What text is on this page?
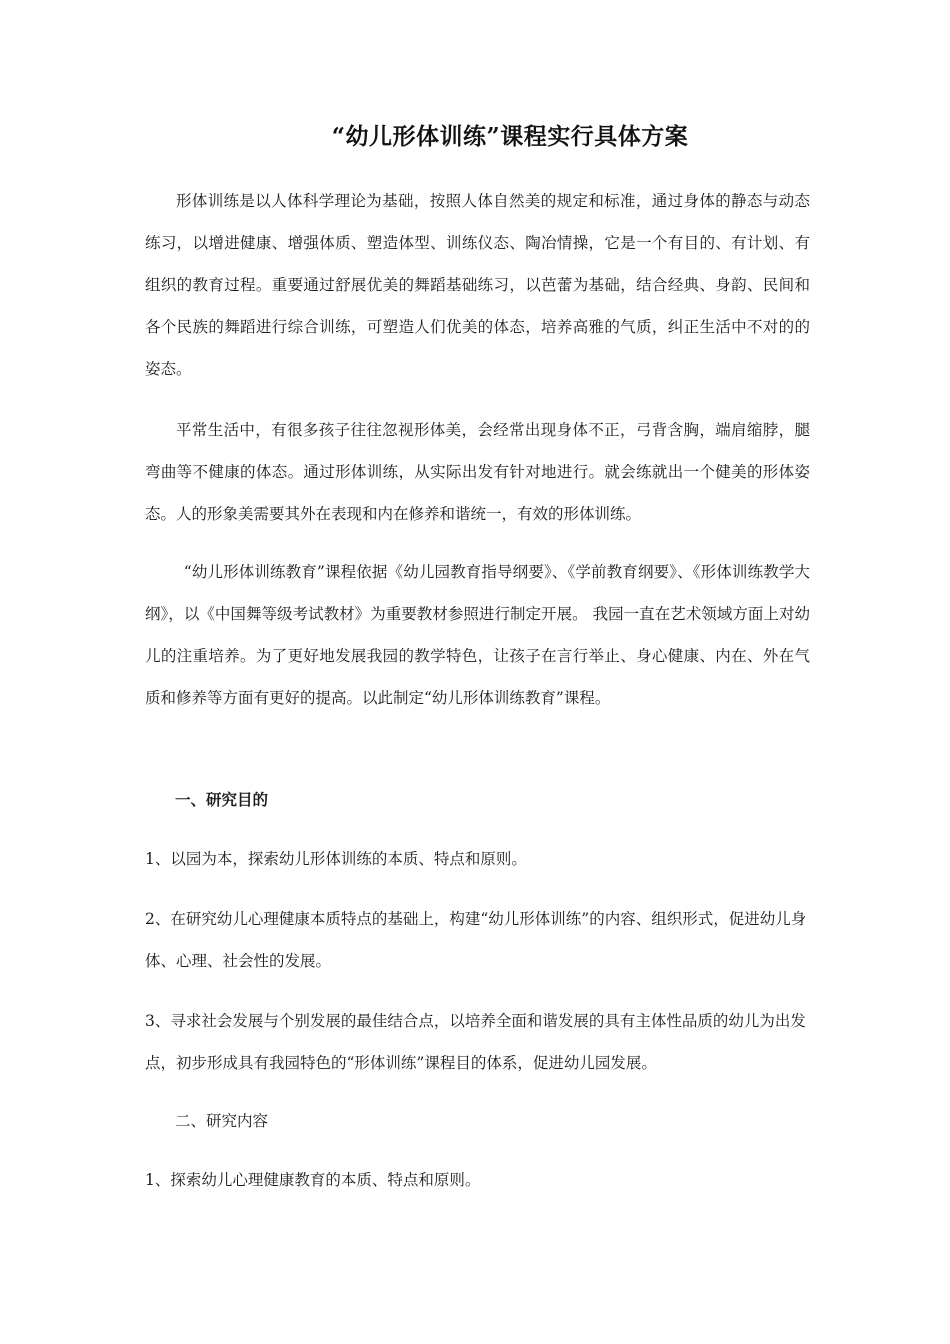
“幼儿形体训练”课程实行具体方案

形体训练是以人体科学理论为基础，按照人体自然美的规定和标准，通过身体的静态与动态练习，以增进健康、增强体质、塑造体型、训练仪态、陶冶情操，它是一个有目的、有计划、有组织的教育过程。重要通过舒展优美的舞蹈基础练习，以芭蕾为基础，结合经典、身韵、民间和各个民族的舞蹈进行综合训练，可塑造人们优美的体态，培养高雅的气质，纠正生活中不对的的姿态。

平常生活中，有很多孩子往往忽视形体美，会经常出现身体不正，弓背含胸，端肩缩脖，腿弯曲等不健康的体态。通过形体训练，从实际出发有针对地进行。就会练就出一个健美的形体姿态。人的形象美需要其外在表现和内在修养和谐统一，有效的形体训练。

“幼儿形体训练教育”课程依据《幼儿园教育指导纲要》、《学前教育纲要》、《形体训练教学大纲》，以《中国舞等级考试教材》为重要教材参照进行制定开展。 我园一直在艺术领域方面上对幼儿的注重培养。为了更好地发展我园的教学特色，让孩子在言行举止、身心健康、内在、外在气质和修养等方面有更好的提高。以此制定“幼儿形体训练教育”课程。

一、研究目的

1、以园为本，探索幼儿形体训练的本质、特点和原则。

2、在研究幼儿心理健康本质特点的基础上，构建“幼儿形体训练”的内容、组织形式，促进幼儿身体、心理、社会性的发展。

3、寻求社会发展与个别发展的最佳结合点，以培养全面和谐发展的具有主体性品质的幼儿为出发点，初步形成具有我园特色的“形体训练”课程目的体系，促进幼儿园发展。

二、研究内容

1、探索幼儿心理健康教育的本质、特点和原则。
